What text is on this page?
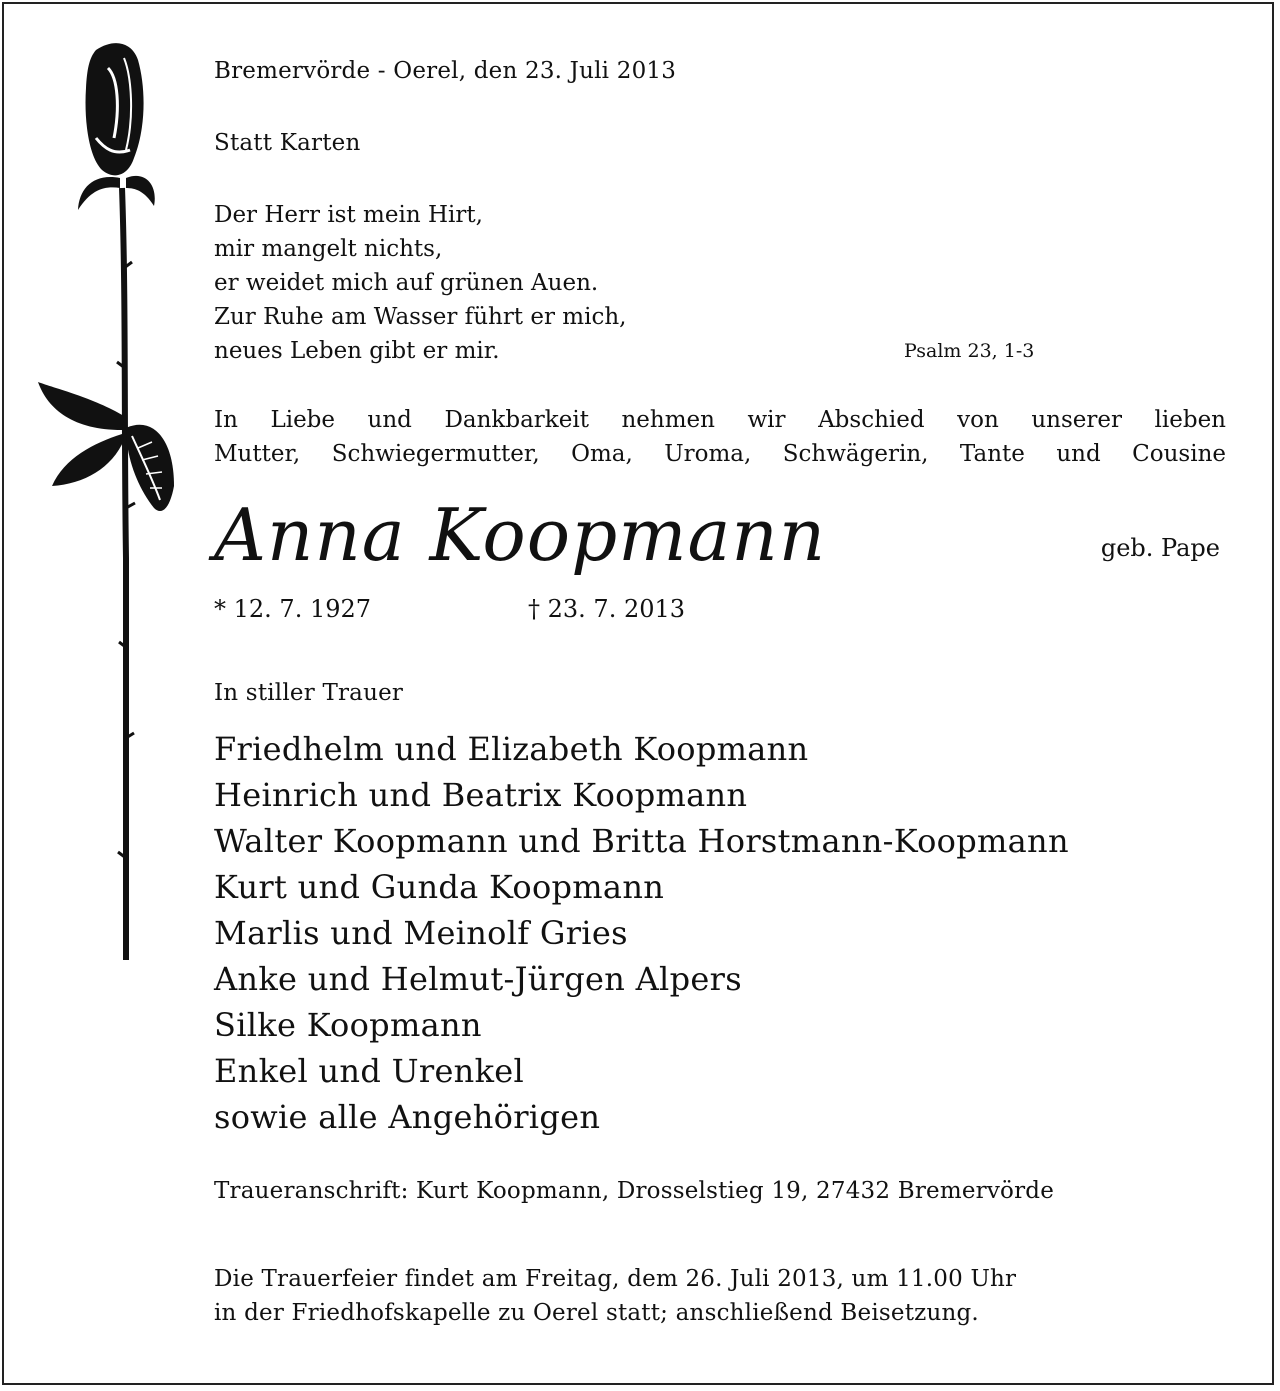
Bremervörde - Oerel, den 23. Juli 2013
Statt Karten
Der Herr ist mein Hirt,
mir mangelt nichts,
er weidet mich auf grünen Auen.
Zur Ruhe am Wasser führt er mich,
neues Leben gibt er mir.	Psalm 23, 1-3
In Liebe und Dankbarkeit nehmen wir Abschied von unserer lieben
Mutter, Schwiegermutter, Oma, Uroma, Schwägerin, Tante und Cousine
Anna Koopmann	geb. Pape
* 12. 7. 1927	† 23. 7. 2013
In stiller Trauer
Friedhelm und Elizabeth Koopmann
Heinrich und Beatrix Koopmann
Walter Koopmann und Britta Horstmann-Koopmann
Kurt und Gunda Koopmann
Marlis und Meinolf Gries
Anke und Helmut-Jürgen Alpers
Silke Koopmann
Enkel und Urenkel
sowie alle Angehörigen
Traueranschrift: Kurt Koopmann, Drosselstieg 19, 27432 Bremervörde
Die Trauerfeier findet am Freitag, dem 26. Juli 2013, um 11.00 Uhr
in der Friedhofskapelle zu Oerel statt; anschließend Beisetzung.
